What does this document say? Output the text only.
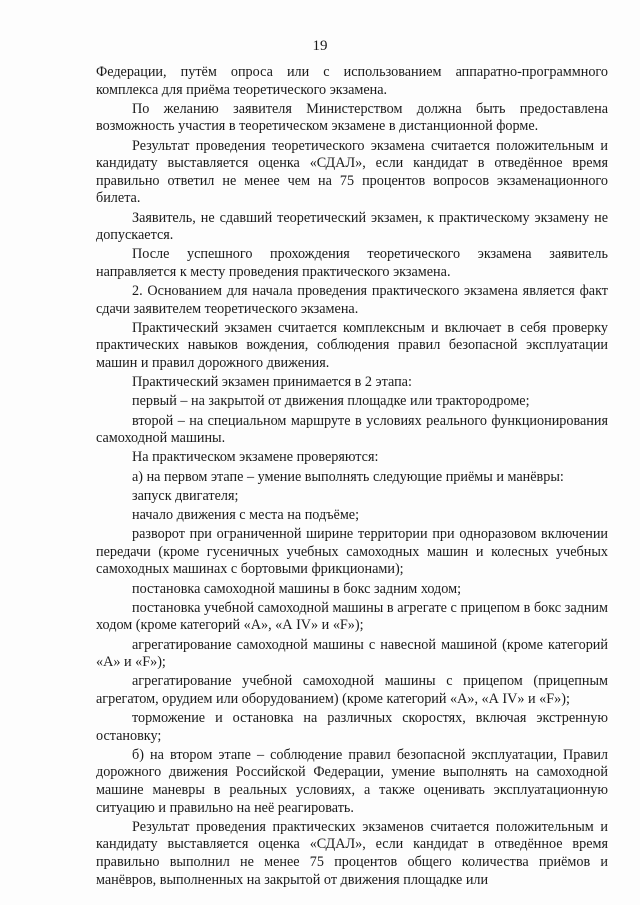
19

Федерации, путём опроса или с использованием аппаратно-программного комплекса для приёма теоретического экзамена.

По желанию заявителя Министерством должна быть предоставлена возможность участия в теоретическом экзамене в дистанционной форме.

Результат проведения теоретического экзамена считается положительным и кандидату выставляется оценка «СДАЛ», если кандидат в отведённое время правильно ответил не менее чем на 75 процентов вопросов экзаменационного билета.

Заявитель, не сдавший теоретический экзамен, к практическому экзамену не допускается.

После успешного прохождения теоретического экзамена заявитель направляется к месту проведения практического экзамена.

2. Основанием для начала проведения практического экзамена является факт сдачи заявителем теоретического экзамена.

Практический экзамен считается комплексным и включает в себя проверку практических навыков вождения, соблюдения правил безопасной эксплуатации машин и правил дорожного движения.

Практический экзамен принимается в 2 этапа:

первый – на закрытой от движения площадке или трактородроме;

второй – на специальном маршруте в условиях реального функционирования самоходной машины.

На практическом экзамене проверяются:

а) на первом этапе – умение выполнять следующие приёмы и манёвры:

запуск двигателя;

начало движения с места на подъёме;

разворот при ограниченной ширине территории при одноразовом включении передачи (кроме гусеничных учебных самоходных машин и колесных учебных самоходных машинах с бортовыми фрикционами);

постановка самоходной машины в бокс задним ходом;

постановка учебной самоходной машины в агрегате с прицепом в бокс задним ходом (кроме категорий «А», «А IV» и «F»);

агрегатирование самоходной машины с навесной машиной (кроме категорий «А» и «F»);

агрегатирование учебной самоходной машины с прицепом (прицепным агрегатом, орудием или оборудованием) (кроме категорий «А», «А IV» и «F»);

торможение и остановка на различных скоростях, включая экстренную остановку;

б) на втором этапе – соблюдение правил безопасной эксплуатации, Правил дорожного движения Российской Федерации, умение выполнять на самоходной машине маневры в реальных условиях, а также оценивать эксплуатационную ситуацию и правильно на неё реагировать.

Результат проведения практических экзаменов считается положительным и кандидату выставляется оценка «СДАЛ», если кандидат в отведённое время правильно выполнил не менее 75 процентов общего количества приёмов и манёвров, выполненных на закрытой от движения площадке или
